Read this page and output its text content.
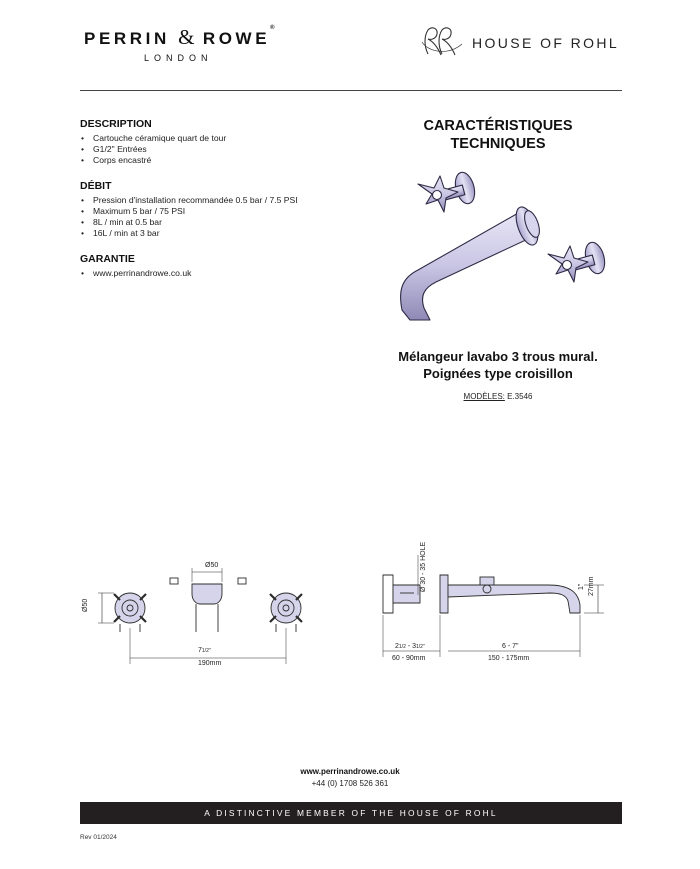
PERRIN & ROWE®
LONDON
HOUSE OF ROHL
DESCRIPTION
• Cartouche céramique quart de tour
• G1/2" Entrées
• Corps encastré
DÉBIT
• Pression d'installation recommandée 0.5 bar / 7.5 PSI
• Maximum 5 bar / 75 PSI
• 8L / min at 0.5 bar
• 16L / min at 3 bar
GARANTIE
• www.perrinandrowe.co.uk
CARACTÉRISTIQUES
TECHNIQUES
Mélangeur lavabo 3 trous mural.
Poignées type croisillon
MODÈLES: E.3546
Ø50
Ø50
71/2"
190mm
Ø 30 - 35 HOLE	1" 27mm
21/2 - 31/2"
60 - 90mm
6 - 7"
150 - 175mm
www.perrinandrowe.co.uk
+44 (0) 1708 526 361
A DISTINCTIVE MEMBER OF THE HOUSE OF ROHL
Rev 01/2024
